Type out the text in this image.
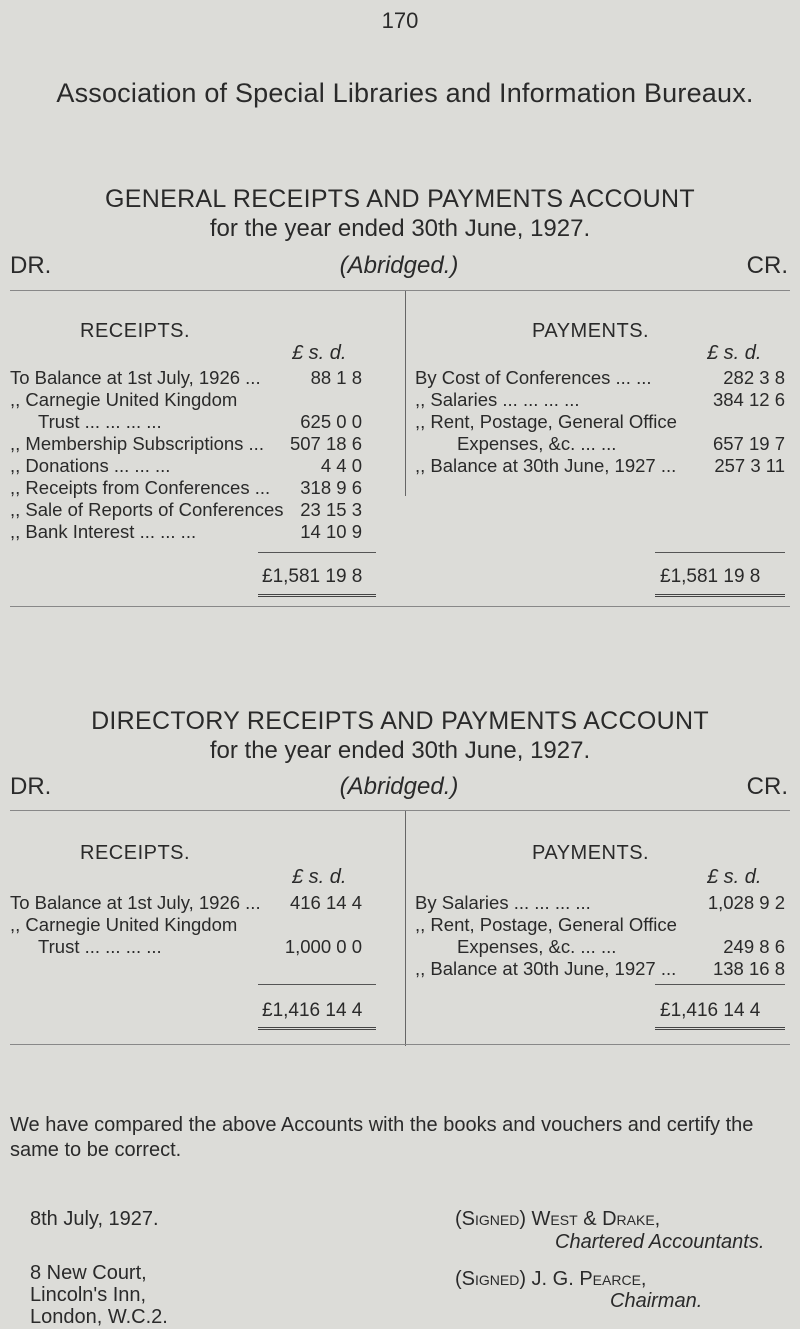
170
Association of Special Libraries and Information Bureaux.
GENERAL RECEIPTS AND PAYMENTS ACCOUNT
for the year ended 30th June, 1927.
DR.	(Abridged.)	CR.
RECEIPTS.	PAYMENTS.
£ s. d.	£ s. d.
To Balance at 1st July, 1926 ...	88 1 8
,, Carnegie United Kingdom
Trust ... ... ... ...	625 0 0
,, Membership Subscriptions ...	507 18 6
,, Donations ... ... ...	4 4 0
,, Receipts from Conferences ...	318 9 6
,, Sale of Reports of Conferences 23 15 3
,, Bank Interest ... ... ...	14 10 9
By Cost of Conferences ... ...	282 3 8
,, Salaries ... ... ... ...	384 12 6
,, Rent, Postage, General Office
Expenses, &c. ... ...	657 19 7
,, Balance at 30th June, 1927 ...	257 3 11
£1,581 19 8	£1,581 19 8
DIRECTORY RECEIPTS AND PAYMENTS ACCOUNT
for the year ended 30th June, 1927.
DR.	(Abridged.)	CR.
RECEIPTS.	PAYMENTS.
£ s. d.	£ s. d.
To Balance at 1st July, 1926 ...	416 14 4
,, Carnegie United Kingdom
Trust ... ... ... ...	1,000 0 0
By Salaries ... ... ... ...	1,028 9 2
,, Rent, Postage, General Office
Expenses, &c. ... ...	249 8 6
,, Balance at 30th June, 1927 ...	138 16 8
£1,416 14 4	£1,416 14 4
We have compared the above Accounts with the books and vouchers and certify the same to be correct.
8th July, 1927.
8 New Court,
Lincoln's Inn,
London, W.C.2.
(Signed) West & Drake,
Chartered Accountants.
(Signed) J. G. Pearce,
Chairman.
